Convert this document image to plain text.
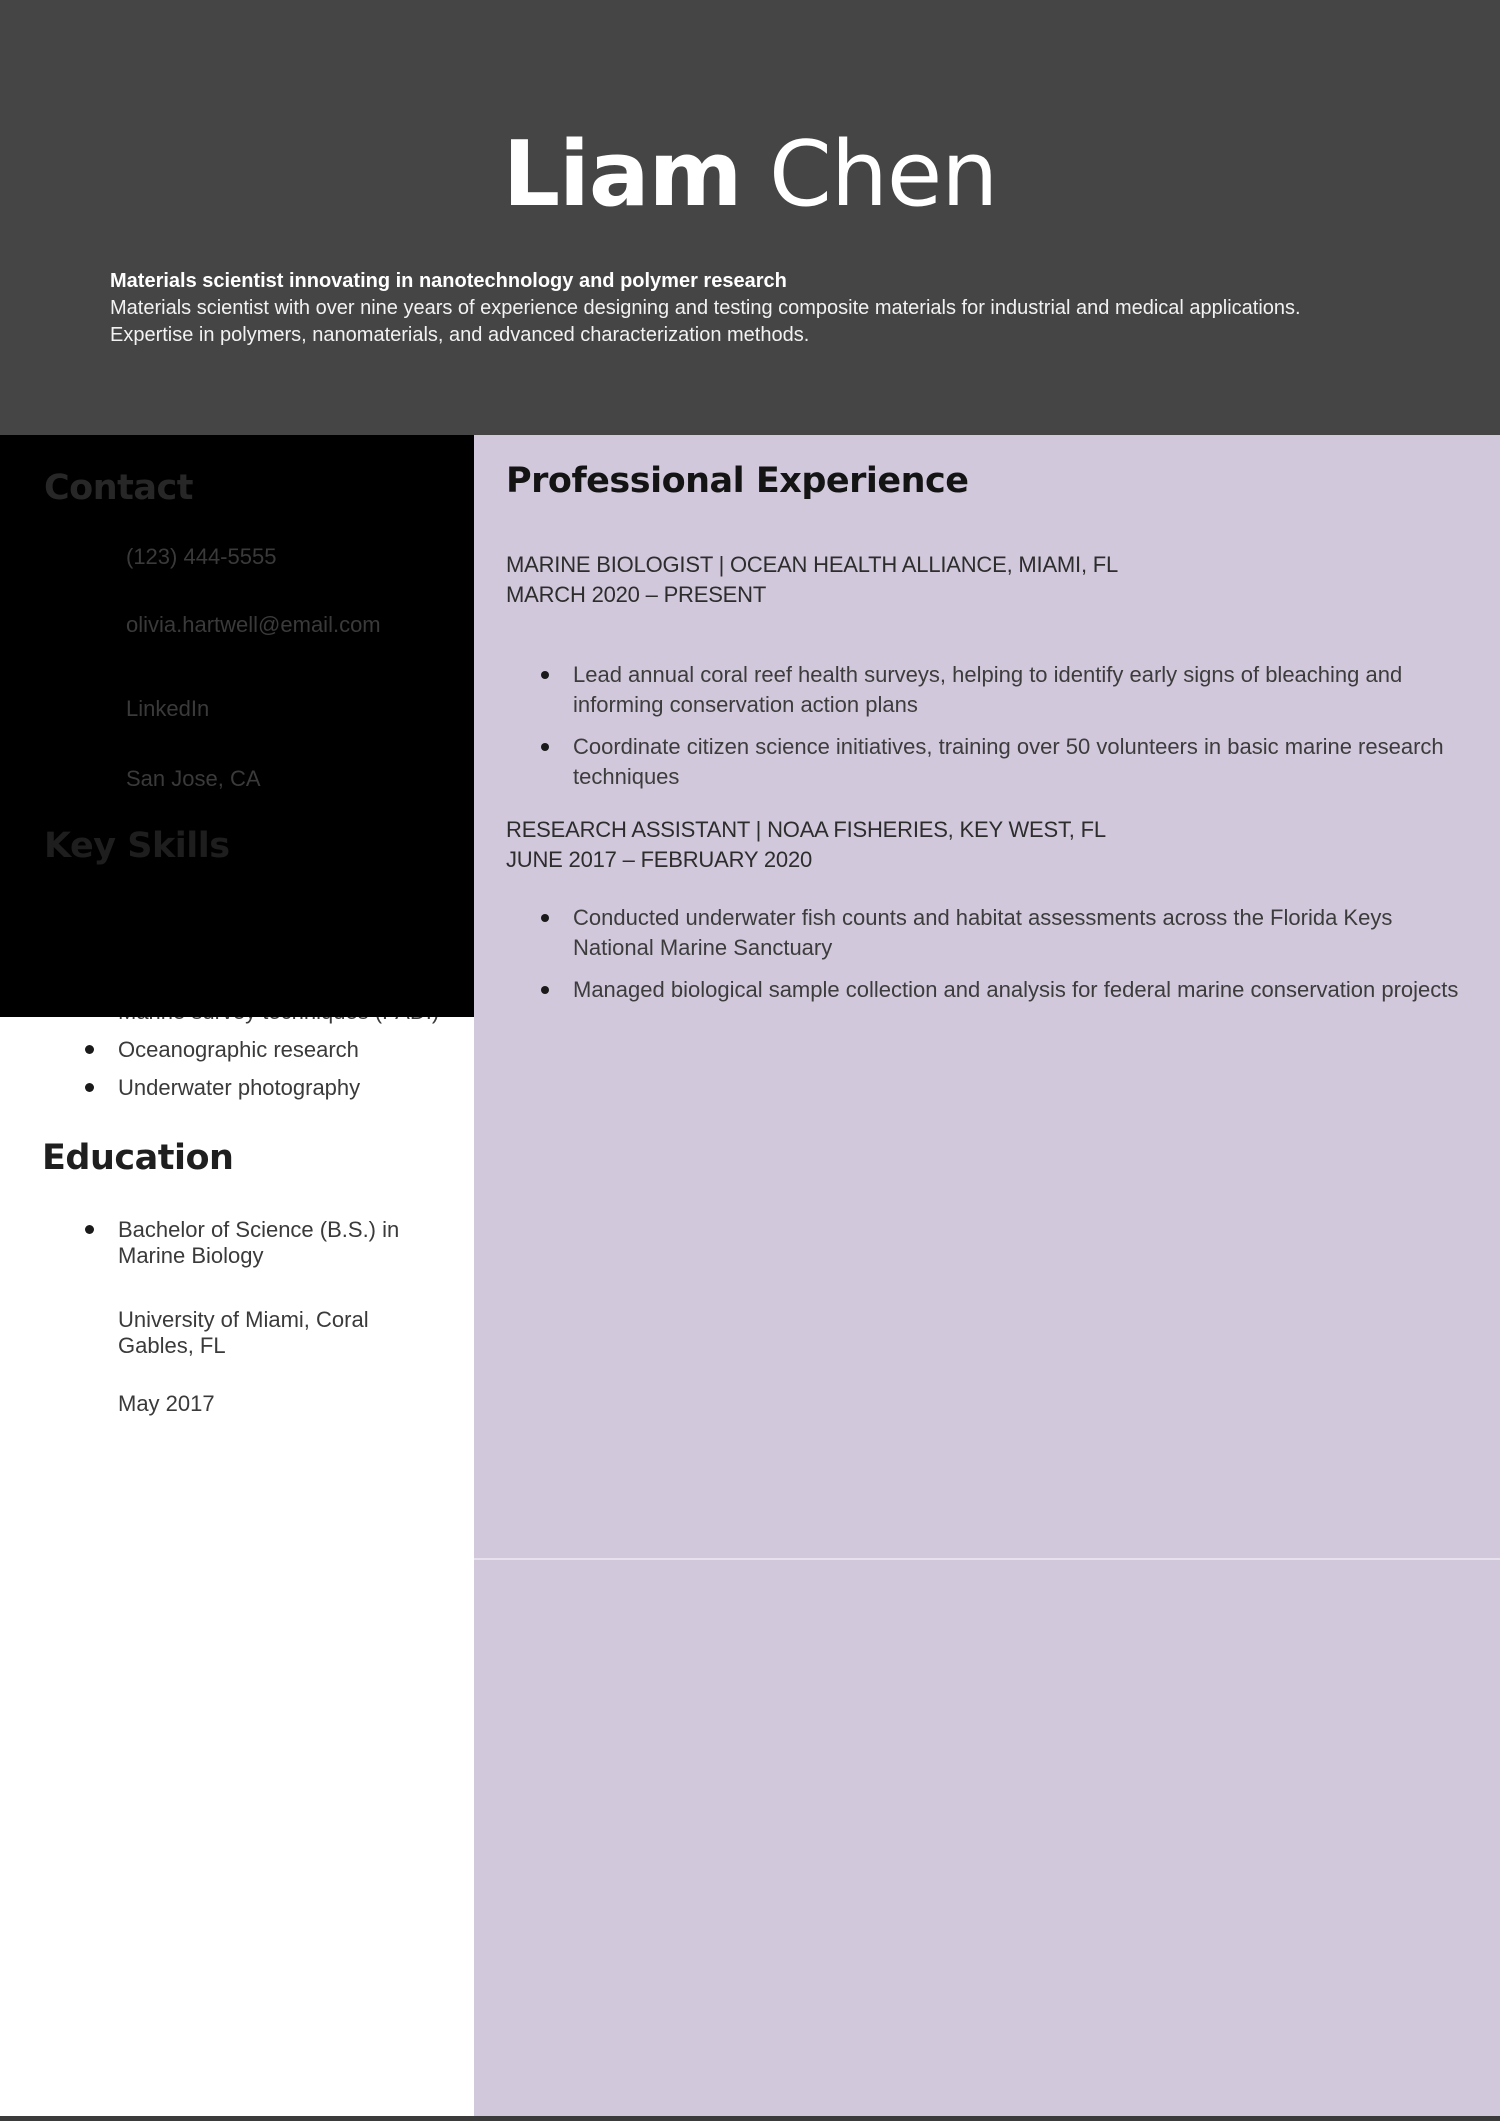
Liam Chen
Materials scientist innovating in nanotechnology and polymer research
Materials scientist with over nine years of experience designing and testing composite materials for industrial and medical applications.
Expertise in polymers, nanomaterials, and advanced characterization methods.
Contact
(123) 444-5555
olivia.hartwell@email.com
LinkedIn
San Jose, CA
Key Skills
Oceanographic research
Underwater photography
Education
Bachelor of Science (B.S.) in
Marine Biology
University of Miami, Coral
Gables, FL
May 2017
Professional Experience
MARINE BIOLOGIST | OCEAN HEALTH ALLIANCE, MIAMI, FL
MARCH 2020 – PRESENT
Lead annual coral reef health surveys, helping to identify early signs of bleaching and informing conservation action plans
Coordinate citizen science initiatives, training over 50 volunteers in basic marine research techniques
RESEARCH ASSISTANT | NOAA FISHERIES, KEY WEST, FL
JUNE 2017 – FEBRUARY 2020
Conducted underwater fish counts and habitat assessments across the Florida Keys National Marine Sanctuary
Managed biological sample collection and analysis for federal marine conservation projects
